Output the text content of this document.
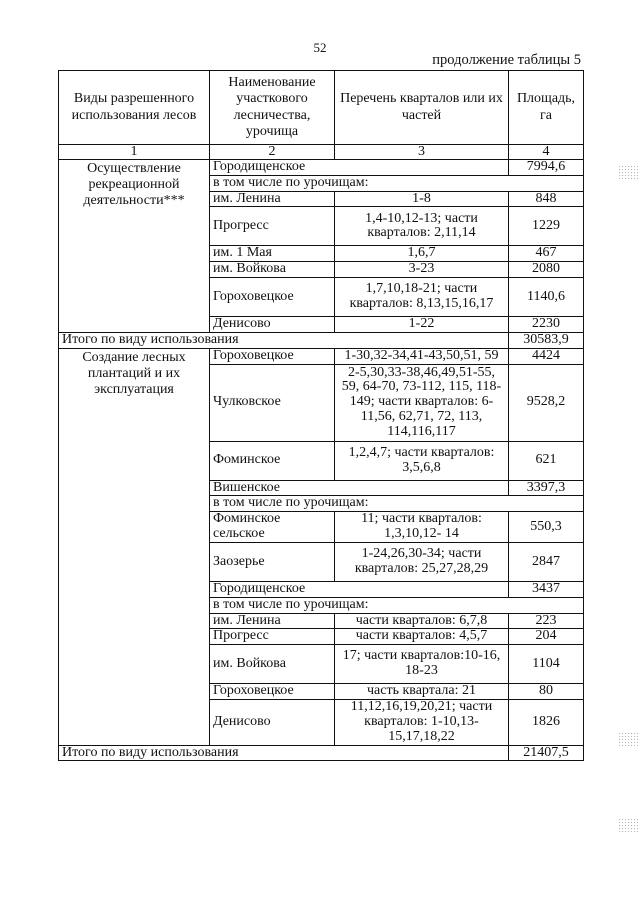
52
продолжение таблицы 5
Виды разрешенного использования лесов	Наименование участкового лесничества, урочища	Перечень кварталов или их частей	Площадь, га
1	2	3	4
Осуществление рекреационной деятельности***	Городищенское		7994,6
	в том числе по урочищам:		
	им. Ленина	1-8	848
	Прогресс	1,4-10,12-13; части кварталов: 2,11,14	1229
	им. 1 Мая	1,6,7	467
	им. Войкова	3-23	2080
	Гороховецкое	1,7,10,18-21; части кварталов: 8,13,15,16,17	1140,6
	Денисово	1-22	2230
Итого по виду использования			30583,9
Создание лесных плантаций и их эксплуатация	Гороховецкое	1-30,32-34,41-43,50,51, 59	4424
	Чулковское	2-5,30,33-38,46,49,51-55, 59, 64-70, 73-112, 115, 118-149; части кварталов: 6-11,56, 62,71, 72, 113, 114,116,117	9528,2
	Фоминское	1,2,4,7; части кварталов: 3,5,6,8	621
	Вишенское		3397,3
	в том числе по урочищам:		
	Фоминское сельское	11; части кварталов: 1,3,10,12- 14	550,3
	Заозерье	1-24,26,30-34; части кварталов: 25,27,28,29	2847
	Городищенское		3437
	в том числе по урочищам:		
	им. Ленина	части кварталов: 6,7,8	223
	Прогресс	части кварталов: 4,5,7	204
	им. Войкова	17; части кварталов:10-16, 18-23	1104
	Гороховецкое	часть квартала: 21	80
	Денисово	11,12,16,19,20,21; части кварталов: 1-10,13-15,17,18,22	1826
Итого по виду использования			21407,5
